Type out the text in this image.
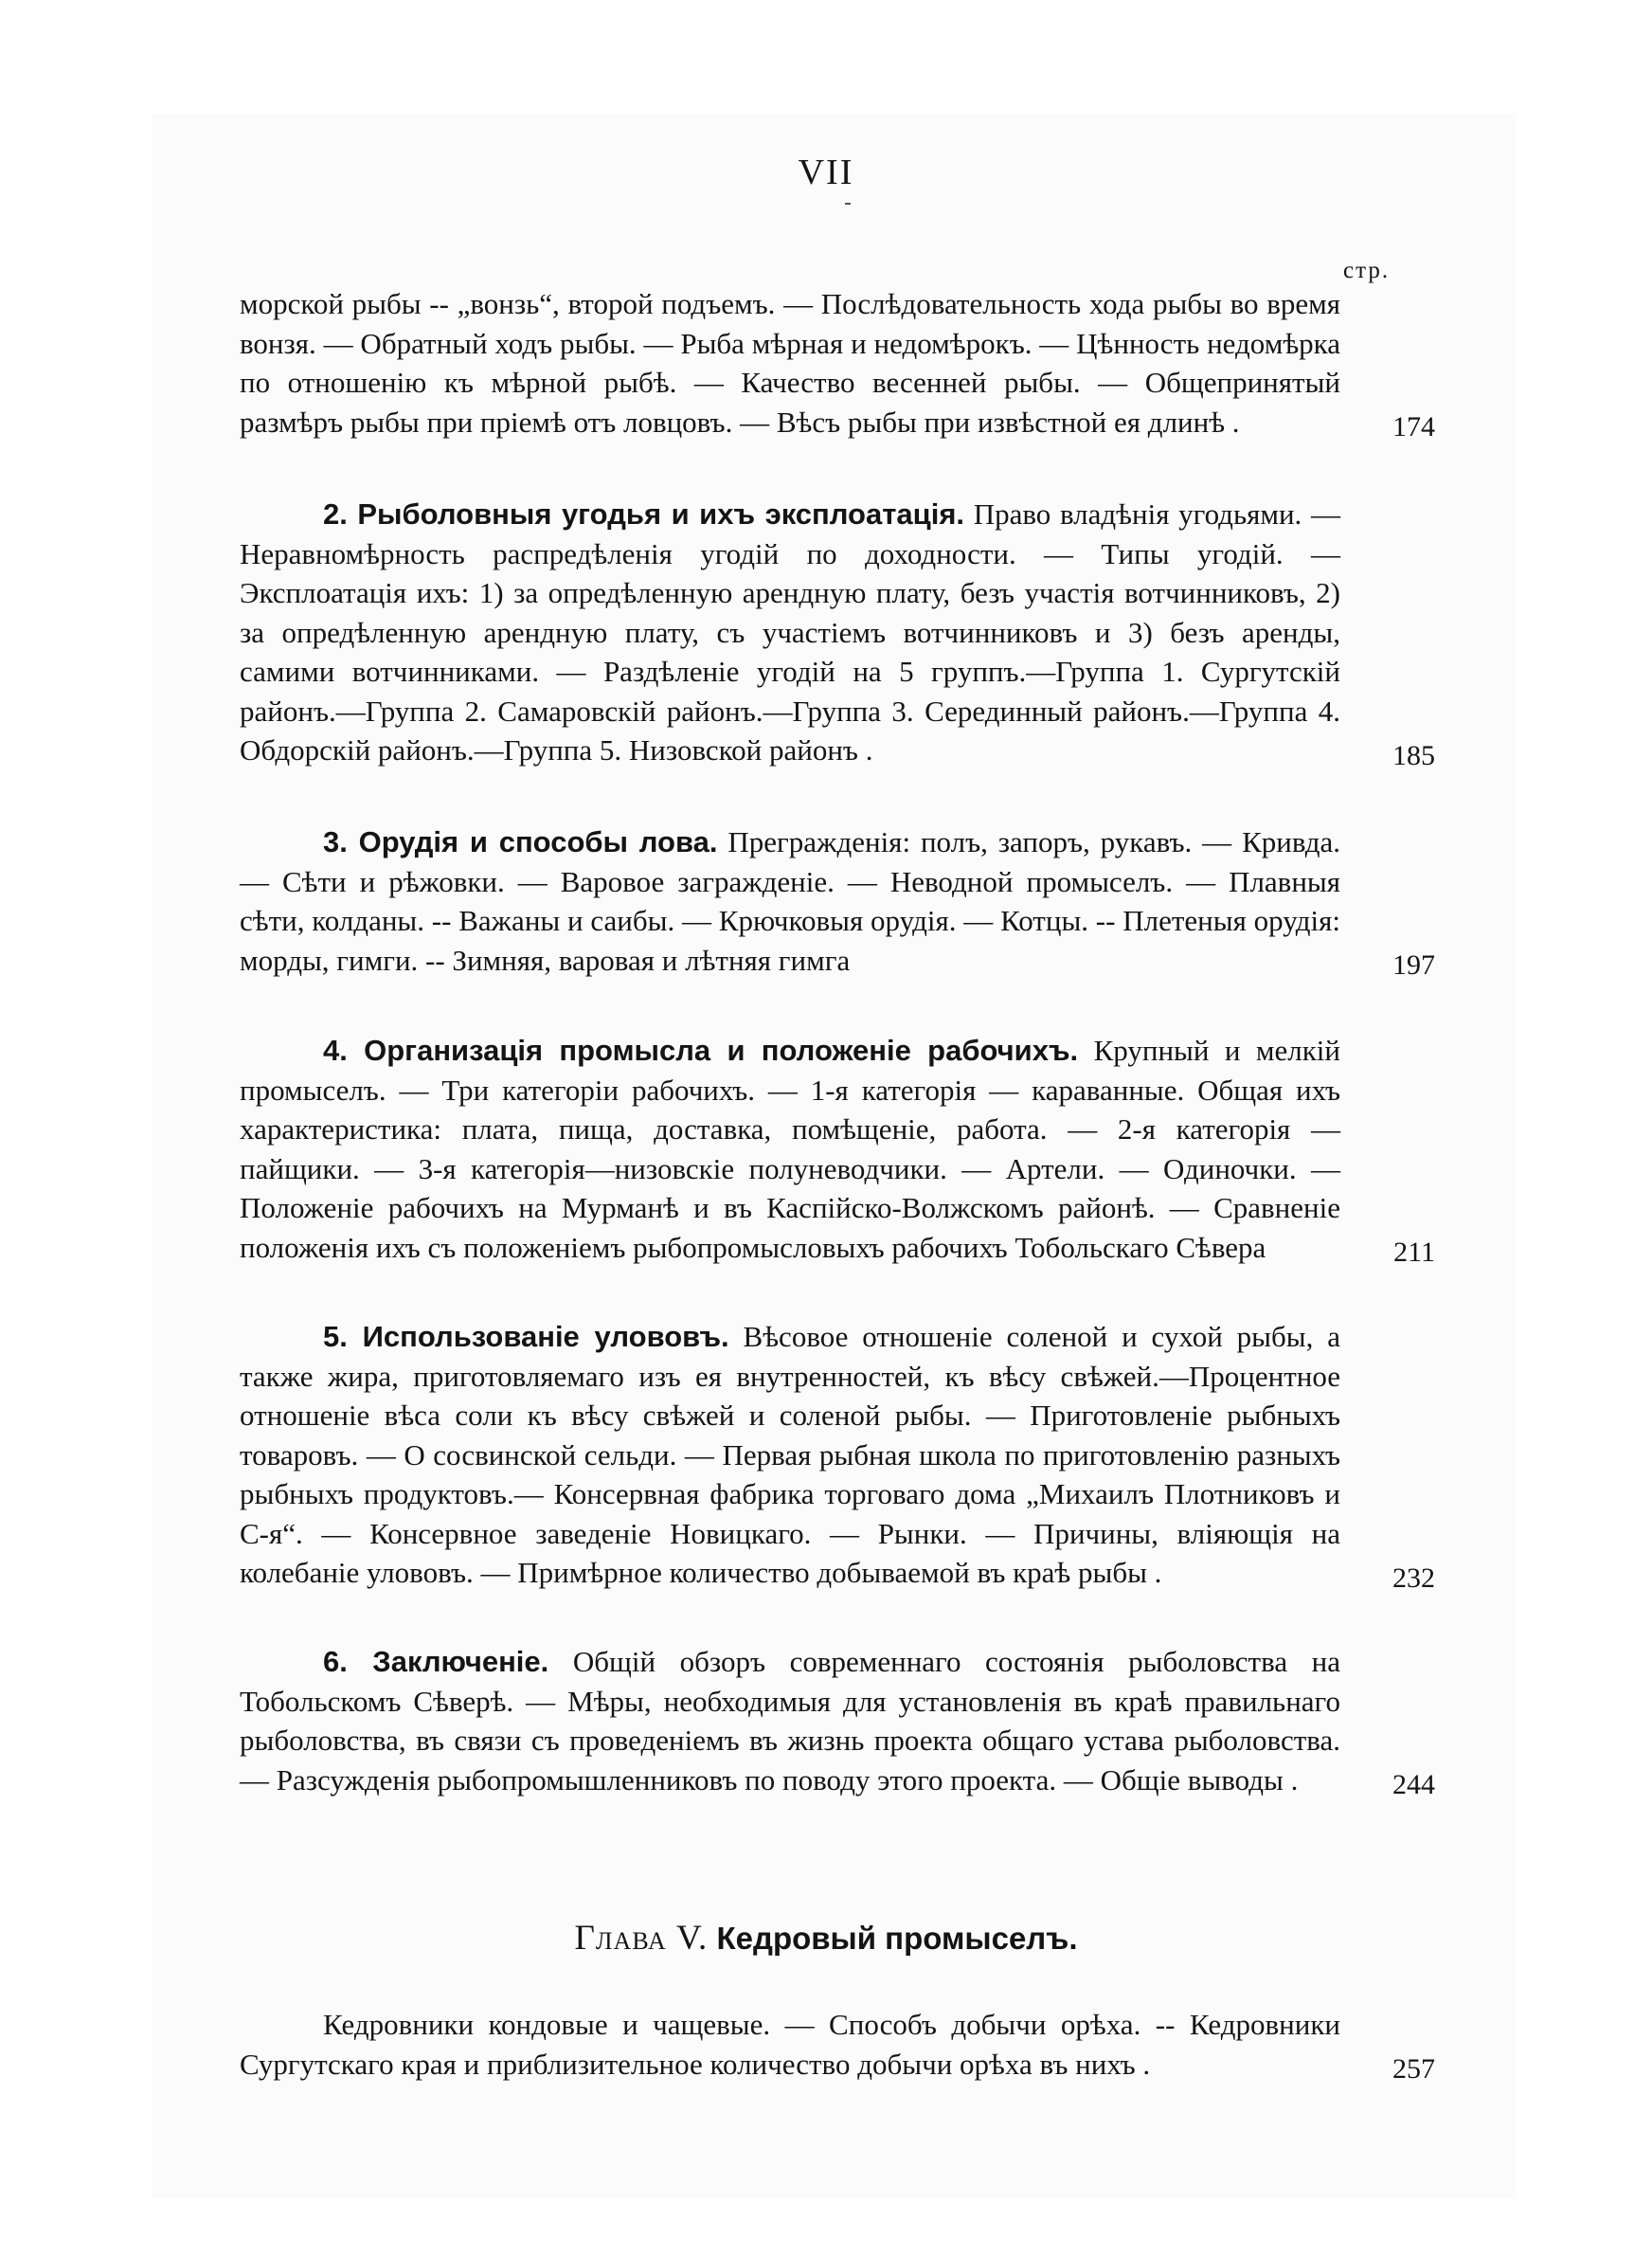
VII
стр.
морской рыбы -- „вонзь“, второй подъемъ. — Послѣдовательность хода рыбы во время вонзя. — Обратный ходъ рыбы. — Рыба мѣрная и недомѣрокъ. — Цѣнность недомѣрка по отношенію къ мѣрной рыбѣ. — Качество весенней рыбы. — Общепринятый размѣръ рыбы при пріемѣ отъ ловцовъ. — Вѣсъ рыбы при извѣстной ея длинѣ .	174
2. Рыболовныя угодья и ихъ эксплоатація. Право владѣнія угодьями. — Неравномѣрность распредѣленія угодій по доходности. — Типы угодій. — Эксплоатація ихъ: 1) за опредѣленную арендную плату, безъ участія вотчинниковъ, 2) за опредѣленную арендную плату, съ участіемъ вотчинниковъ и 3) безъ аренды, самими вотчинниками. — Раздѣленіе угодій на 5 группъ.—Группа 1. Сургутскій районъ.—Группа 2. Самаровскій районъ.—Группа 3. Серединный районъ.—Группа 4. Обдорскій районъ.—Группа 5. Низовской районъ .	185
3. Орудія и способы лова. Прегражденія: полъ, запоръ, рукавъ. — Кривда. — Сѣти и рѣжовки. — Варовое загражденіе. — Неводной промыселъ. — Плавныя сѣти, колданы. -- Важаны и саибы. — Крючковыя орудія. — Котцы. -- Плетеныя орудія: морды, гимги. -- Зимняя, варовая и лѣтняя гимга	197
4. Организація промысла и положеніе рабочихъ. Крупный и мелкій промыселъ. — Три категоріи рабочихъ. — 1-я категорія — караванные. Общая ихъ характеристика: плата, пища, доставка, помѣщеніе, работа. — 2-я категорія — пайщики. — 3-я категорія—низовскіе полуневодчики. — Артели. — Одиночки. — Положеніе рабочихъ на Мурманѣ и въ Каспійско-Волжскомъ районѣ. — Сравненіе положенія ихъ съ положеніемъ рыбопромысловыхъ рабочихъ Тобольскаго Сѣвера	211
5. Использованіе улововъ. Вѣсовое отношеніе соленой и сухой рыбы, а также жира, приготовляемаго изъ ея внутренностей, къ вѣсу свѣжей.—Процентное отношеніе вѣса соли къ вѣсу свѣжей и соленой рыбы. — Приготовленіе рыбныхъ товаровъ. — О сосвинской сельди. — Первая рыбная школа по приготовленію разныхъ рыбныхъ продуктовъ.— Консервная фабрика торговаго дома „Михаилъ Плотниковъ и С-я“. — Консервное заведеніе Новицкаго. — Рынки. — Причины, вліяющія на колебаніе улововъ. — Примѣрное количество добываемой въ краѣ рыбы .	232
6. Заключеніе. Общій обзоръ современнаго состоянія рыболовства на Тобольскомъ Сѣверѣ. — Мѣры, необходимыя для установленія въ краѣ правильнаго рыболовства, въ связи съ проведеніемъ въ жизнь проекта общаго устава рыболовства. — Разсужденія рыбопромышленниковъ по поводу этого проекта. — Общіе выводы .	244
Глава V. Кедровый промыселъ.
Кедровники кондовые и чащевые. — Способъ добычи орѣха. -- Кедровники Сургутскаго края и приблизительное количество добычи орѣха въ нихъ .	257
